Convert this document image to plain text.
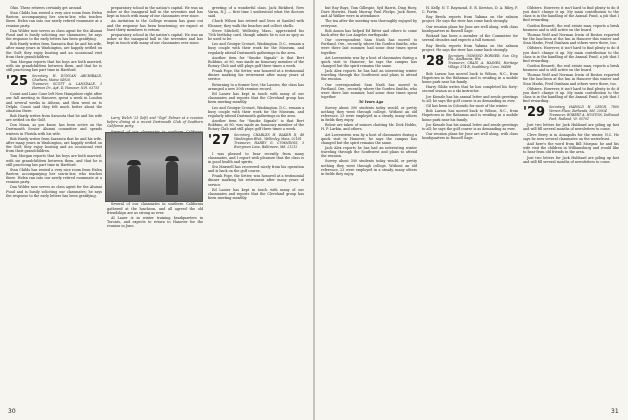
Ohio. These retirees certainly get around.

Stan Childs has rented a very nice room from Helen Bartow, accompanying her son-in-law, who teaches there. Helen ran into our newly retired roommate at a reunion party.

Dan Wilder now serves as class agent for the Alumni Fund and is busily soliciting our classmates; he says the response to the early letters has been gratifying.

Bob Hardy writes from Sarasota that he and his wife, after many years in Washington, are happily settled on the Gulf; they enjoy boating and an occasional visit from their grandchildren.

Tom Morgan reports that his boys are both married, with six grandchildren between them, and that he is still practicing law part time in Hartford.

'25 Secretary, H. DUNCAN ARCHIBALD, Chatham, Maine 04926
Treasurer, SCOTT A. LANSDALE, 3 Harmon Dr., Apt. D, Hanover, N.H. 03755

Count and Lane Cone left New Hampshire right after our fall meeting in Hanover, spent a week in London and several weeks in Athens, and then went on to Delphi. Count said they felt much better about the situation there.

Bob Hardy writes from Sarasota that he and his wife are settled on the Gulf.

Don Mann, as you know, has been active on the Dartmouth Senior Alumni committee and spends winters in Florida with his wife.

Bob Hardy writes from Sarasota that he and his wife, after many years in Washington, are happily settled on the Gulf; they enjoy boating and an occasional visit from their grandchildren.

Tom Morgan reports that his boys are both married, with six grandchildren between them, and that he is still practicing law part time in Hartford.

Stan Childs has rented a very nice room from Helen Bartow, accompanying her son-in-law, who teaches there. Helen ran into our newly retired roommate at a reunion party.

Dan Wilder now serves as class agent for the Alumni Fund and is busily soliciting our classmates; he says the response to the early letters has been gratifying.

preparatory school in the nation's capital. He was an usher at the inaugural ball in the seventies and has kept in touch with many of our classmates ever since.

An invitation to the College reunion has gone out and the response has been heartening; we expect at least thirty members to return.

preparatory school in the nation's capital. He was an usher at the inaugural ball in the seventies and has kept in touch with many of our classmates ever since.

Larry Welch '25 (left) and "Gigi" Palmer at a reunion before dining at a recent Dartmouth Club of Southern California party.

Several of our classmates in southern California gathered at the luncheon, and all agreed the old friendships are as strong as ever.

Al Lauer is in winter training headquarters in Toronto, and expects to return to Hanover for the reunion in June.

greeting of a wonderful class. Jack Bickford, New Varna, N.J. — first time I understood what the doctors said.

Chuck Wilson has retired and lives at Sanibel with Eleanor; they walk the beaches and collect shells.

Steve Mitchell, Wellesley, Mass., appreciated his 75th birthday card, though admits he is not as spry as he used to be.

Leo and Georgie Crosset, Washington, D.C., remain a busy couple with their work for the Museum, and regularly attend Dartmouth gatherings in the area.

Another item for "Smoke Signals" is that Bert Robbins, at 80, was made an honorary member of the Rotary Club and still plays golf three times a week.

Frank Pope, the Setter, was honored at a testimonial dinner marking his retirement after many years of service.

Returning to a former love, the Lassies, the class has arranged a new 50th reunion record.

Ed Lanier has kept in touch with many of our classmates and reports that the Cleveland group has been meeting monthly.

Leo and Georgie Crosset, Washington, D.C., remain a busy couple with their work for the Museum, and regularly attend Dartmouth gatherings in the area.

Another item for "Smoke Signals" is that Bert Robbins, at 80, was made an honorary member of the Rotary Club and still plays golf three times a week.

'27 Secretary, CHARLES H. BAKER II, 48 Washington Blvd., Wellesley, Mass. 02181
Treasurer, HARRY G. CUMMINGS, 3 Evergreen Lane, Baltimore, Md. 21212

I was pleased to hear recently from many classmates, and I report with pleasure that the class is in good health and spirits.

Stu Maxwell has recovered nicely from his operation and is back on the golf course.

Frank Pope, the Setter, was honored at a testimonial dinner marking his retirement after many years of service.

Ed Lanier has kept in touch with many of our classmates and reports that the Cleveland group has been meeting monthly.

30

but Ray Buys, Tom Gillespie, Syd Harris, Ding Hoey, Dave Horwitz, Hank Murray, Paul Phelps, Jack Rowe, and Al Walker were in attendance.

The tea after the meeting was thoroughly enjoyed by everyone.

Bob Anson has helped Ed Ritter and others to come back after the Los Angeles earthquake.

Our correspondent Sam Nash has moved to Portland, Ore., recently, where the Gorden Smiths, who were there last summer, had some dear times spent together.

Art Lowenstein was by a host of classmates during a quick visit to Hanover; he says the campus has changed but the spirit remains the same.

Jack Alex reports he has had an interesting winter traveling through the Southwest and plans to attend the reunion.

Our correspondent Sam Nash has moved to Portland, Ore., recently, where the Gorden Smiths, who were there last summer, had some dear times spent together.

50 Years Ago

Survey about 300 students today would, or pretty nothing they went through college. Without an old reference, 23 were employed in a steady, many others in fields they enjoy.

Below are taken of seniors chatting Mr. Dick Hobbs, H. P. Larkin, and others.

Art Lowenstein was by a host of classmates during a quick visit to Hanover; he says the campus has changed but the spirit remains the same.

Jack Alex reports he has had an interesting winter traveling through the Southwest and plans to attend the reunion.

Survey about 300 students today would, or pretty nothing they went through college. Without an old reference, 23 were employed in a steady, many others in fields they enjoy.

H. Kelly, N. T. Raymond, E. R. Kerston, D. A. Riley, F. C. Fortin.

Ray Breda reports from Yakima on the salmon project. He says the river has come back strongly.

Our reunion plans for June are well along, with class headquarters in Russell Sage.

Rickard has been a member of the Committee for several decades and expects a full turnout.

Ray Breda reports from Yakima on the salmon project. He says the river has come back strongly.

'28 Secretary, OSMOND BORNER, Sun City, Fla., Kaukauna, Wis.
Treasurer, CRAIG A. HAINES, Heritage Village 374-B, Southbury, Conn. 06488

Bob Larson has moved back to Wilson, N.C., from Hopetown in the Bahamas and is residing in a mobile home park near his family.

Harry Gibbs writes that he has completed his forty-second season as a ski instructor.

Joe Kienzle has his annual letter and sends greetings to all; he says the golf course is as demanding as ever.

Gil has been in Colorado for most of the winter.

Bob Larson has moved back to Wilson, N.C., from Hopetown in the Bahamas and is residing in a mobile home park near his family.

Joe Kienzle has his annual letter and sends greetings to all; he says the golf course is as demanding as ever.

Our reunion plans for June are well along, with class headquarters in Russell Sage.

Oldsters. However, it isn't hard to find plenty to do if you don't charge it up. My main contribution to the class is in the handling of the Annual Fund, a job that I find rewarding.

Gordon Bennett, the real estate man, reports a brisk business and is still active on the board.

Thomas Wolf and Norman Irwin of Boston reported for the luncheon at the Inn in Hanover this winter and Stan Marks, Fred Dunham and others were there, too.

Oldsters. However, it isn't hard to find plenty to do if you don't charge it up. My main contribution to the class is in the handling of the Annual Fund, a job that I find rewarding.

Gordon Bennett, the real estate man, reports a brisk business and is still active on the board.

Thomas Wolf and Norman Irwin of Boston reported for the luncheon at the Inn in Hanover this winter and Stan Marks, Fred Dunham and others were there, too.

Oldsters. However, it isn't hard to find plenty to do if you don't charge it up. My main contribution to the class is in the handling of the Annual Fund, a job that I find rewarding.

'29 Secretary, HAROLD H. LEICH, 7800 Vernon Place, Bethesda, Md. 20034
Treasurer, ROBERT A. HUSTON, Dellwood Park, Rutland, Vt. 05701

Just two letters for Jack Hubbard are piling up fast and will fill several months of newsletters to come.

Cleve Berry is in Annapolis for the winter, N.C. He says he sees several classmates on the waterfront.

And here's the word from Bill Morgan: he and his wife visit the children in Williamsburg and would like to hear from old friends in the area.

Just two letters for Jack Hubbard are piling up fast and will fill several months of newsletters to come.

31
